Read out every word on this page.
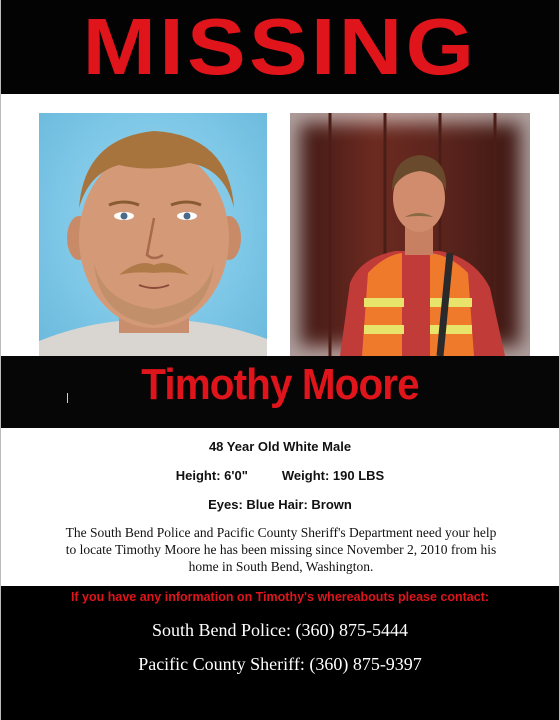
MISSING
Timothy Moore
48 Year Old White Male
Height: 6'0"	Weight: 190 LBS
Eyes: Blue Hair: Brown
The South Bend Police and Pacific County Sheriff's Department need your help to locate Timothy Moore he has been missing since November 2, 2010 from his home in South Bend, Washington.
If you have any information on Timothy's whereabouts please contact:
South Bend Police: (360) 875-5444
Pacific County Sheriff: (360) 875-9397
